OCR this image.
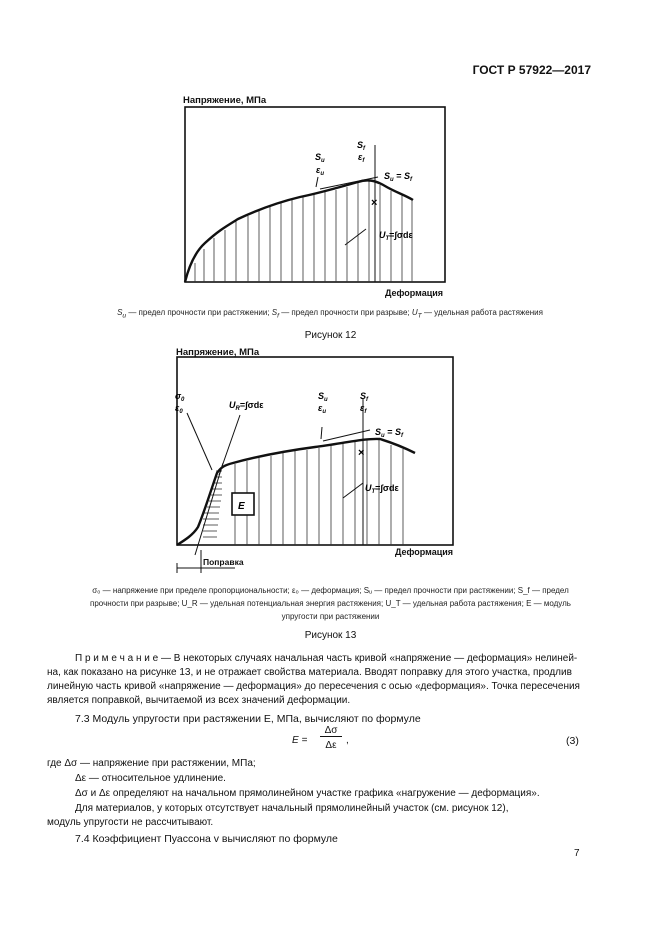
ГОСТ Р 57922—2017
Напряжение, МПа
×
$S_u$
$\varepsilon_u$
$S_f$
$\varepsilon_f$
$S_u = S_f$
$U_T=\int\sigma d\varepsilon$
Деформация
$S_u$ — предел прочности при растяжении; $S_f$ — предел прочности при разрыве; $U_T$ — удельная работа растяжения
Рисунок 12
Напряжение, МПа
×
E
$\sigma_0$
$\varepsilon_0$
$U_R=\int\sigma d\varepsilon$
$S_u$
$\varepsilon_u$
$S_f$
$\varepsilon_f$
$S_u = S_f$
$U_T=\int\sigma d\varepsilon$
Деформация
Поправка
σ₀ — напряжение при пределе пропорциональности; ε₀ — деформация; Sᵤ — предел прочности при растяжении; S_f — предел
прочности при разрыве; U_R — удельная потенциальная энергия растяжения; U_T — удельная работа растяжения; E — модуль
упругости при растяжении
Рисунок 13
П р и м е ч а н и е — В некоторых случаях начальная часть кривой «напряжение — деформация» нелиней-
на, как показано на рисунке 13, и не отражает свойства материала. Вводят поправку для этого участка, продлив
линейную часть кривой «напряжение — деформация» до пересечения с осью «деформация». Точка пересечения
является поправкой, вычитаемой из всех значений деформации.
7.3 Модуль упругости при растяжении E, МПа, вычисляют по формуле
E =
Δσ
Δε ,	(3)
где Δσ — напряжение при растяжении, МПа;
Δε — относительное удлинение.
Δσ и Δε определяют на начальном прямолинейном участке графика «нагружение — деформация».
Для материалов, у которых отсутствует начальный прямолинейный участок (см. рисунок 12),
модуль упругости не рассчитывают.
7.4 Коэффициент Пуассона v вычисляют по формуле
7
